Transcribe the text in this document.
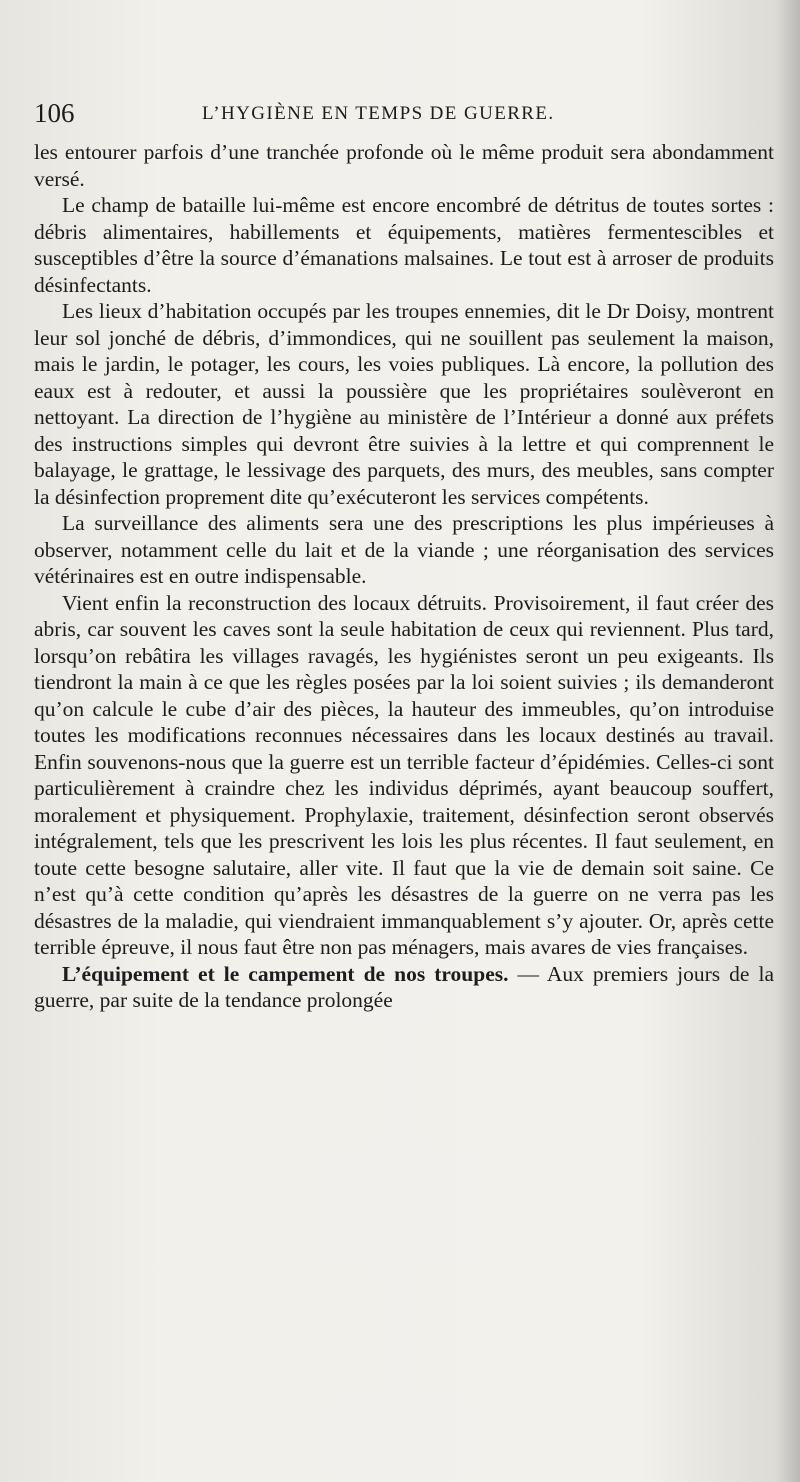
106	L’HYGIÈNE EN TEMPS DE GUERRE.

les entourer parfois d’une tranchée profonde où le même produit sera abondamment versé.

Le champ de bataille lui-même est encore encombré de détritus de toutes sortes : débris alimentaires, habillements et équipements, matières fermentescibles et susceptibles d’être la source d’émanations malsaines. Le tout est à arroser de produits désinfectants.

Les lieux d’habitation occupés par les troupes ennemies, dit le Dr Doisy, montrent leur sol jonché de débris, d’immondices, qui ne souillent pas seulement la maison, mais le jardin, le potager, les cours, les voies publiques. Là encore, la pollution des eaux est à redouter, et aussi la poussière que les propriétaires soulèveront en nettoyant. La direction de l’hygiène au ministère de l’Intérieur a donné aux préfets des instructions simples qui devront être suivies à la lettre et qui comprennent le balayage, le grattage, le lessivage des parquets, des murs, des meubles, sans compter la désinfection proprement dite qu’exécuteront les services compétents.

La surveillance des aliments sera une des prescriptions les plus impérieuses à observer, notamment celle du lait et de la viande ; une réorganisation des services vétérinaires est en outre indispensable.

Vient enfin la reconstruction des locaux détruits. Provisoirement, il faut créer des abris, car souvent les caves sont la seule habitation de ceux qui reviennent. Plus tard, lorsqu’on rebâtira les villages ravagés, les hygiénistes seront un peu exigeants. Ils tiendront la main à ce que les règles posées par la loi soient suivies ; ils demanderont qu’on calcule le cube d’air des pièces, la hauteur des immeubles, qu’on introduise toutes les modifications reconnues nécessaires dans les locaux destinés au travail. Enfin souvenons-nous que la guerre est un terrible facteur d’épidémies. Celles-ci sont particulièrement à craindre chez les individus déprimés, ayant beaucoup souffert, moralement et physiquement. Prophylaxie, traitement, désinfection seront observés intégralement, tels que les prescrivent les lois les plus récentes. Il faut seulement, en toute cette besogne salutaire, aller vite. Il faut que la vie de demain soit saine. Ce n’est qu’à cette condition qu’après les désastres de la guerre on ne verra pas les désastres de la maladie, qui viendraient immanquablement s’y ajouter. Or, après cette terrible épreuve, il nous faut être non pas ménagers, mais avares de vies françaises.

L’équipement et le campement de nos troupes. — Aux premiers jours de la guerre, par suite de la tendance prolongée
